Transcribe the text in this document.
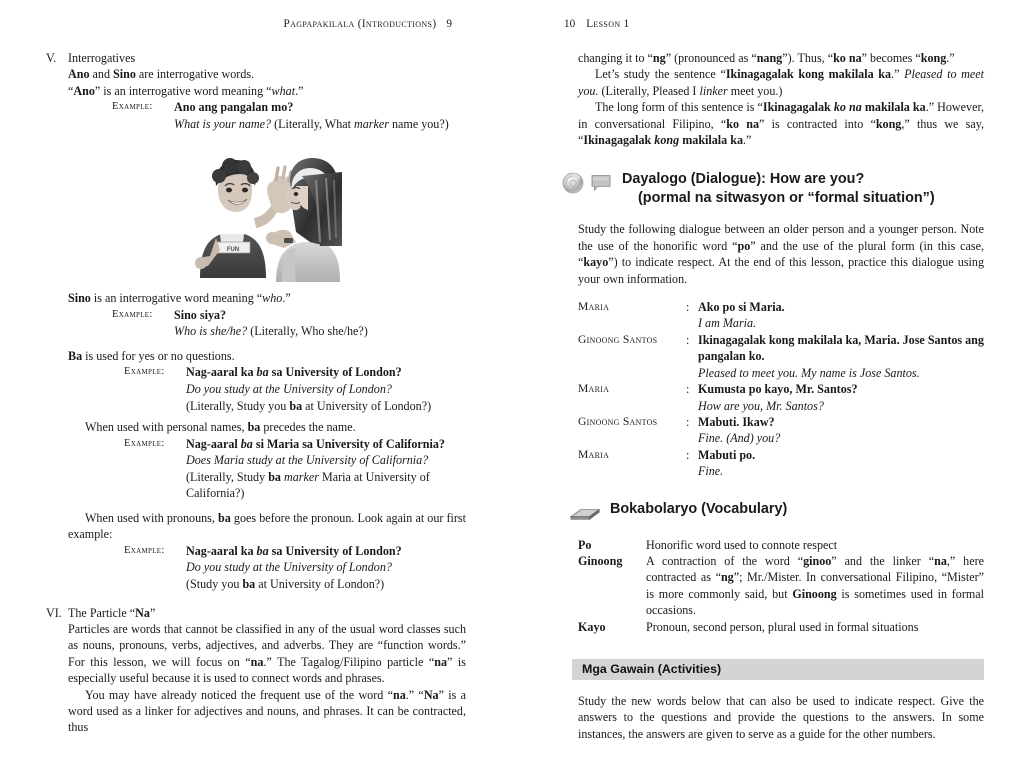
Pagpapakilala (Introductions) 9
V. Interrogatives
Ano and Sino are interrogative words.
“Ano” is an interrogative word meaning “what.”
Example:	Ano ang pangalan mo?
What is your name? (Literally, What marker name you?)
FUN
Sino is an interrogative word meaning “who.”
Example:	Sino siya?
Who is she/he? (Literally, Who she/he?)
Ba is used for yes or no questions.
Example:	Nag-aaral ka ba sa University of London?
Do you study at the University of London?
(Literally, Study you ba at University of London?)
When used with personal names, ba precedes the name.
Example:	Nag-aaral ba si Maria sa University of California?
Does Maria study at the University of California?
(Literally, Study ba marker Maria at University of California?)
When used with pronouns, ba goes before the pronoun. Look again at our first example:
Example:	Nag-aaral ka ba sa University of London?
Do you study at the University of London?
(Study you ba at University of London?)
VI. The Particle “Na”
Particles are words that cannot be classified in any of the usual word classes such as nouns, pronouns, verbs, adjectives, and adverbs. They are “function words.” For this lesson, we will focus on “na.” The Tagalog/Filipino particle “na” is especially useful because it is used to connect words and phrases.
You may have already noticed the frequent use of the word “na.” “Na” is a word used as a linker for adjectives and nouns, and phrases. It can be contracted, thus
10 Lesson 1
changing it to “ng” (pronounced as “nang”). Thus, “ko na” becomes “kong.”
Let’s study the sentence “Ikinagagalak kong makilala ka.” Pleased to meet you. (Literally, Pleased I linker meet you.)
The long form of this sentence is “Ikinagagalak ko na makilala ka.” However, in conversational Filipino, “ko na” is contracted into “kong,” thus we say, “Ikinagagalak kong makilala ka.”
Dayalogo (Dialogue): How are you?
(pormal na sitwasyon or “formal situation”)
Study the following dialogue between an older person and a younger person. Note the use of the honorific word “po” and the use of the plural form (in this case, “kayo”) to indicate respect. At the end of this lesson, practice this dialogue using your own information.
Maria	: Ako po si Maria.
I am Maria.
Ginoong Santos	: Ikinagagalak kong makilala ka, Maria. Jose Santos ang pangalan ko.
Pleased to meet you. My name is Jose Santos.
Maria	: Kumusta po kayo, Mr. Santos?
How are you, Mr. Santos?
Ginoong Santos	: Mabuti. Ikaw?
Fine. (And) you?
Maria	: Mabuti po.
Fine.
Bokabolaryo (Vocabulary)
Po	Honorific word used to connote respect
Ginoong	A contraction of the word “ginoo” and the linker “na,” here contracted as “ng”; Mr./Mister. In conversational Filipino, “Mister” is more commonly said, but Ginoong is sometimes used in formal occasions.
Kayo	Pronoun, second person, plural used in formal situations
Mga Gawain (Activities)
Study the new words below that can also be used to indicate respect. Give the answers to the questions and provide the questions to the answers. In some instances, the answers are given to serve as a guide for the other numbers.
